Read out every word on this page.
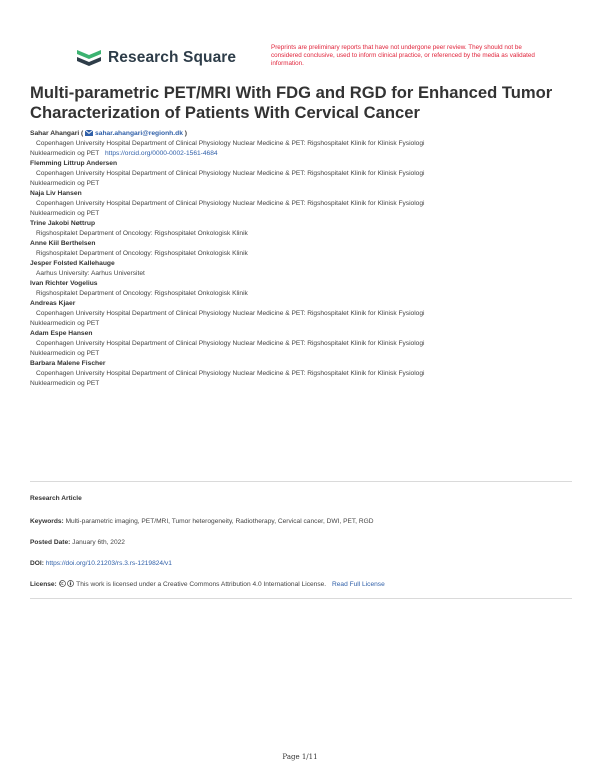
Research Square
Preprints are preliminary reports that have not undergone peer review. They should not be considered conclusive, used to inform clinical practice, or referenced by the media as validated information.
Multi-parametric PET/MRI With FDG and RGD for Enhanced Tumor Characterization of Patients With Cervical Cancer
Sahar Ahangari ( sahar.ahangari@regionh.dk )
Copenhagen University Hospital Department of Clinical Physiology Nuclear Medicine & PET: Rigshospitalet Klinik for Klinisk Fysiologi
Nuklearmedicin og PET https://orcid.org/0000-0002-1561-4684
Flemming Littrup Andersen
Copenhagen University Hospital Department of Clinical Physiology Nuclear Medicine & PET: Rigshospitalet Klinik for Klinisk Fysiologi
Nuklearmedicin og PET
Naja Liv Hansen
Copenhagen University Hospital Department of Clinical Physiology Nuclear Medicine & PET: Rigshospitalet Klinik for Klinisk Fysiologi
Nuklearmedicin og PET
Trine Jakobi Nøttrup
Rigshospitalet Department of Oncology: Rigshospitalet Onkologisk Klinik
Anne Kiil Berthelsen
Rigshospitalet Department of Oncology: Rigshospitalet Onkologisk Klinik
Jesper Folsted Kallehauge
Aarhus University: Aarhus Universitet
Ivan Richter Vogelius
Rigshospitalet Department of Oncology: Rigshospitalet Onkologisk Klinik
Andreas Kjaer
Copenhagen University Hospital Department of Clinical Physiology Nuclear Medicine & PET: Rigshospitalet Klinik for Klinisk Fysiologi
Nuklearmedicin og PET
Adam Espe Hansen
Copenhagen University Hospital Department of Clinical Physiology Nuclear Medicine & PET: Rigshospitalet Klinik for Klinisk Fysiologi
Nuklearmedicin og PET
Barbara Malene Fischer
Copenhagen University Hospital Department of Clinical Physiology Nuclear Medicine & PET: Rigshospitalet Klinik for Klinisk Fysiologi
Nuklearmedicin og PET
Research Article
Keywords: Multi-parametric imaging, PET/MRI, Tumor heterogeneity, Radiotherapy, Cervical cancer, DWI, PET, RGD
Posted Date: January 6th, 2022
DOI: https://doi.org/10.21203/rs.3.rs-1219824/v1
License:	This work is licensed under a Creative Commons Attribution 4.0 International License. Read Full License
Page 1/11
